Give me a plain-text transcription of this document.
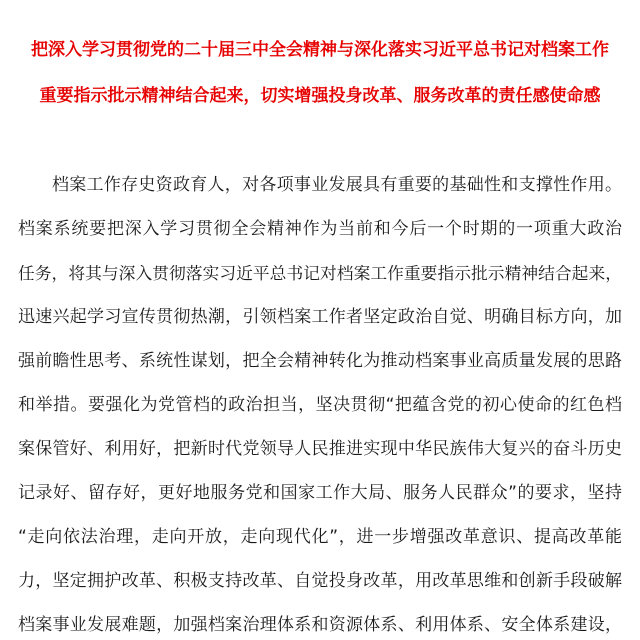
把深入学习贯彻党的二十届三中全会精神与深化落实习近平总书记对档案工作
重要指示批示精神结合起来，切实增强投身改革、服务改革的责任感使命感
档案工作存史资政育人，对各项事业发展具有重要的基础性和支撑性作用。
档案系统要把深入学习贯彻全会精神作为当前和今后一个时期的一项重大政治
任务，将其与深入贯彻落实习近平总书记对档案工作重要指示批示精神结合起来，
迅速兴起学习宣传贯彻热潮，引领档案工作者坚定政治自觉、明确目标方向，加
强前瞻性思考、系统性谋划，把全会精神转化为推动档案事业高质量发展的思路
和举措。要强化为党管档的政治担当，坚决贯彻“把蕴含党的初心使命的红色档
案保管好、利用好，把新时代党领导人民推进实现中华民族伟大复兴的奋斗历史
记录好、留存好，更好地服务党和国家工作大局、服务人民群众”的要求，坚持
“走向依法治理，走向开放，走向现代化”，进一步增强改革意识、提高改革能
力，坚定拥护改革、积极支持改革、自觉投身改革，用改革思维和创新手段破解
档案事业发展难题，加强档案治理体系和资源体系、利用体系、安全体系建设，
